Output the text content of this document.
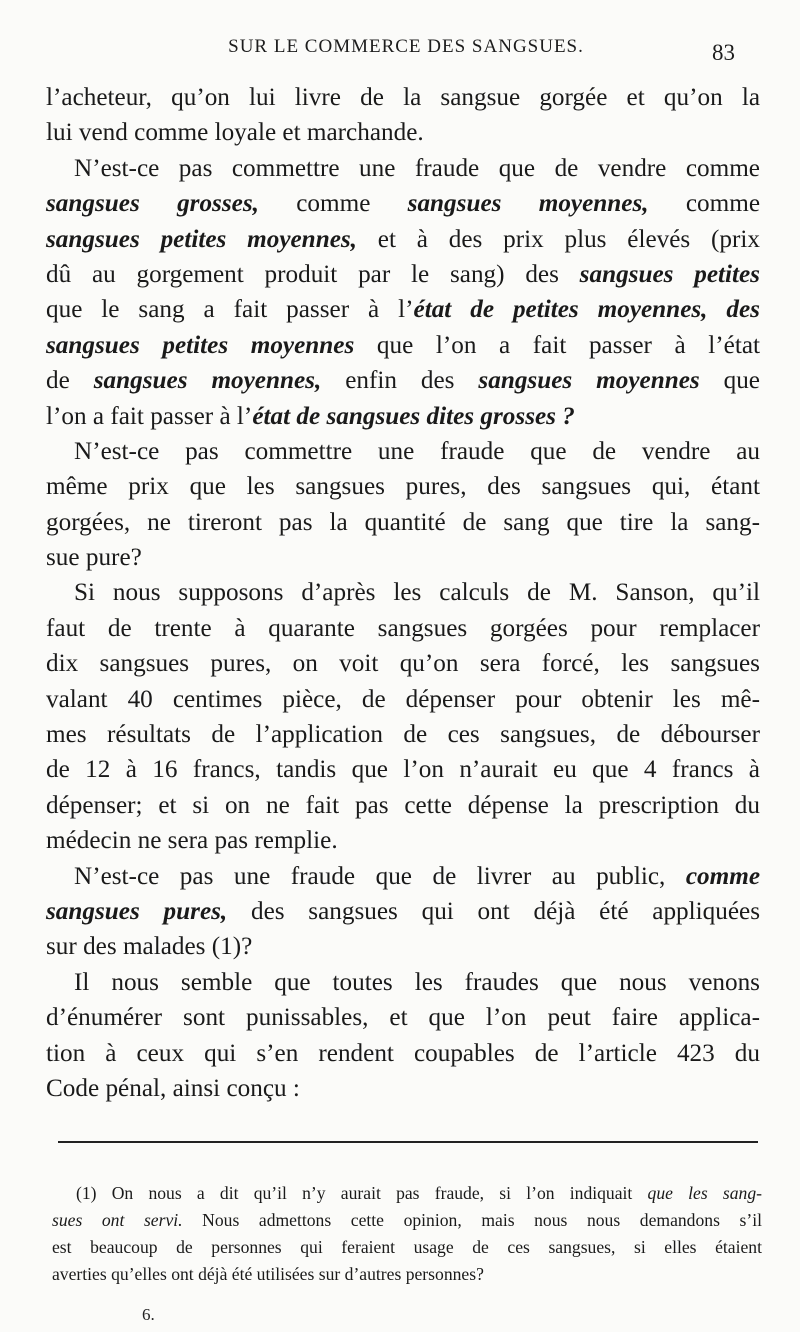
SUR LE COMMERCE DES SANGSUES.	83

l’acheteur, qu’on lui livre de la sangsue gorgée et qu’on la
lui vend comme loyale et marchande.

N’est-ce pas commettre une fraude que de vendre comme
sangsues grosses, comme sangsues moyennes, comme
sangsues petites moyennes, et à des prix plus élevés (prix
dû au gorgement produit par le sang) des sangsues petites
que le sang a fait passer à l’état de petites moyennes, des
sangsues petites moyennes que l’on a fait passer à l’état
de sangsues moyennes, enfin des sangsues moyennes que
l’on a fait passer à l’état de sangsues dites grosses ?

N’est-ce pas commettre une fraude que de vendre au
même prix que les sangsues pures, des sangsues qui, étant
gorgées, ne tireront pas la quantité de sang que tire la sang-
sue pure?

Si nous supposons d’après les calculs de M. Sanson, qu’il
faut de trente à quarante sangsues gorgées pour remplacer
dix sangsues pures, on voit qu’on sera forcé, les sangsues
valant 40 centimes pièce, de dépenser pour obtenir les mê-
mes résultats de l’application de ces sangsues, de débourser
de 12 à 16 francs, tandis que l’on n’aurait eu que 4 francs à
dépenser; et si on ne fait pas cette dépense la prescription du
médecin ne sera pas remplie.

N’est-ce pas une fraude que de livrer au public, comme
sangsues pures, des sangsues qui ont déjà été appliquées
sur des malades (1)?

Il nous semble que toutes les fraudes que nous venons
d’énumérer sont punissables, et que l’on peut faire applica-
tion à ceux qui s’en rendent coupables de l’article 423 du
Code pénal, ainsi conçu :

(1) On nous a dit qu’il n’y aurait pas fraude, si l’on indiquait que les sang-
sues ont servi. Nous admettons cette opinion, mais nous nous demandons s’il
est beaucoup de personnes qui feraient usage de ces sangsues, si elles étaient
averties qu’elles ont déjà été utilisées sur d’autres personnes?
6.
